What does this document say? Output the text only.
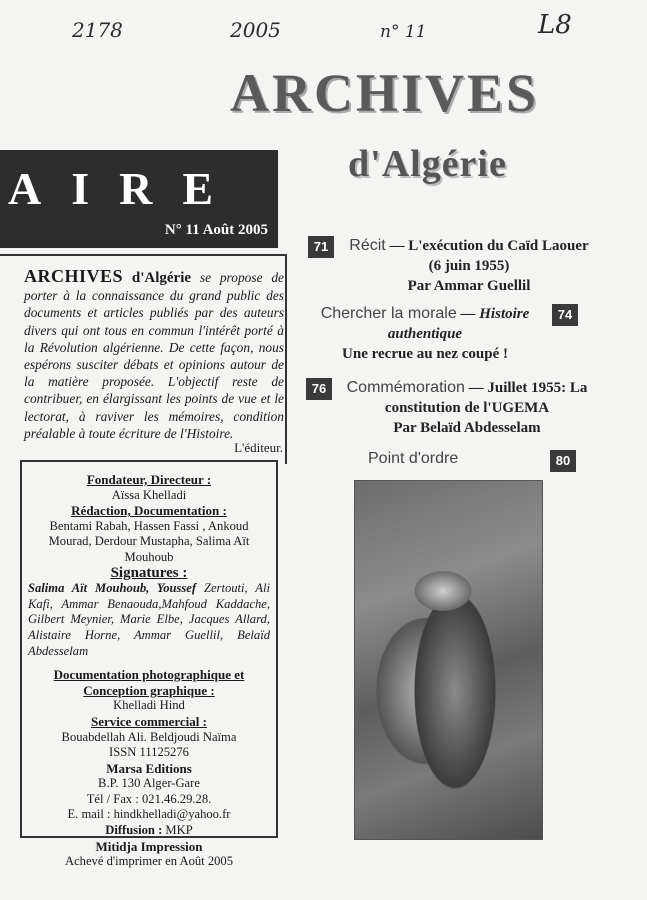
2178	2005	n° 11	L8
ARCHIVES
d'Algérie
AIRE
N° 11 Août 2005
ARCHIVES d'Algérie se propose de porter à la connaissance du grand public des documents et articles publiés par des auteurs divers qui ont tous en commun l'intérêt porté à la Révolution algérienne. De cette façon, nous espérons susciter débats et opinions autour de la matière proposée. L'objectif reste de contribuer, en élargissant les points de vue et le lectorat, à raviver les mémoires, condition préalable à toute écriture de l'Histoire.
L'éditeur.
Fondateur, Directeur :
Aïssa Khelladi
Rédaction, Documentation :
Bentami Rabah, Hassen Fassi , Ankoud Mourad, Derdour Mustapha, Salima Aït Mouhoub
Signatures :
Salima Aït Mouhoub, Youssef Zertouti, Ali Kafi, Ammar Benaouda,Mahfoud Kaddache, Gilbert Meynier, Marie Elbe, Jacques Allard, Alistaire Horne, Ammar Guellil, Belaïd Abdesselam
Documentation photographique et Conception graphique :
Khelladi Hind
Service commercial :
Bouabdellah Ali. Beldjoudi Naïma
ISSN 11125276
Marsa Editions
B.P. 130 Alger-Gare
Tél / Fax : 021.46.29.28.
E. mail : hindkhelladi@yahoo.fr
Diffusion : MKP
Mitidja Impression
Achevé d'imprimer en Août 2005
71	Récit — L'exécution du Caïd Laouer (6 juin 1955)
Par Ammar Guellil
Chercher la morale — Histoire authentique
Une recrue au nez coupé !
74
76	Commémoration — Juillet 1955: La constitution de l'UGEMA
Par Belaïd Abdesselam
Point d'ordre	80
